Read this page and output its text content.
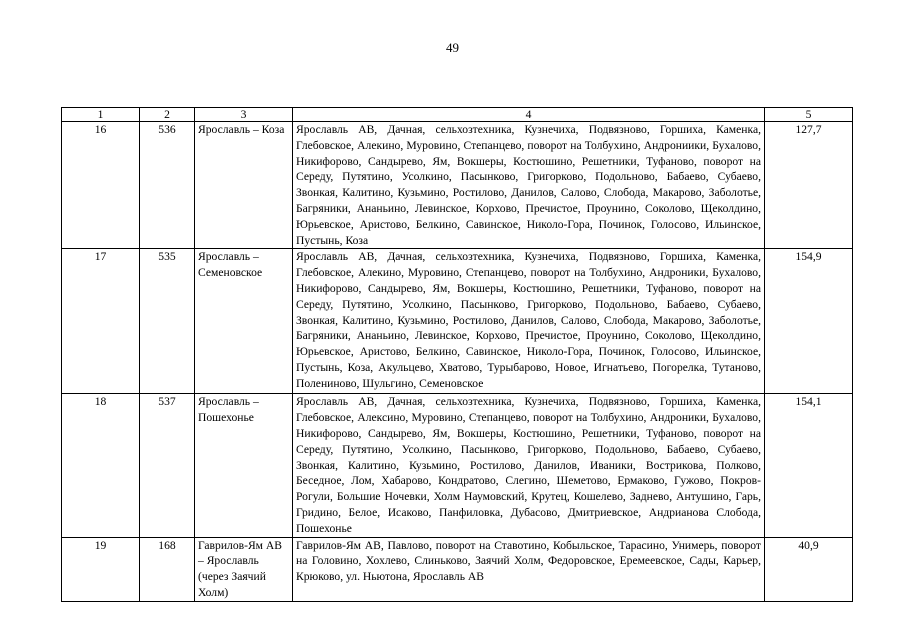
49
1	2	3	4	5
16	536	Ярославль – Коза	Ярославль АВ, Дачная, сельхозтехника, Кузнечиха, Подвязново, Горшиха, Каменка, Глебовское, Алекино, Муровино, Степанцево, поворот на Толбухино, Андрониики, Бухалово, Никифорово, Сандырево, Ям, Вокшеры, Костюшино, Решетники, Туфаново, поворот на Середу, Путятино, Усолкино, Пасынково, Григорково, Подольново, Бабаево, Субаево, Звонкая, Калитино, Кузьмино, Ростилово, Данилов, Салово, Слобода, Макарово, Заболотье, Багряники, Ананьино, Левинское, Корхово, Пречистое, Проунино, Соколово, Щеколдино, Юрьевское, Аристово, Белкино, Савинское, Николо-Гора, Починок, Голосово, Ильинское, Пустынь, Коза	127,7
17	535	Ярославль – Семеновское	Ярославль АВ, Дачная, сельхозтехника, Кузнечиха, Подвязново, Горшиха, Каменка, Глебовское, Алекино, Муровино, Степанцево, поворот на Толбухино, Андроники, Бухалово, Никифорово, Сандырево, Ям, Вокшеры, Костюшино, Решетники, Туфаново, поворот на Середу, Путятино, Усолкино, Пасынково, Григорково, Подольново, Бабаево, Субаево, Звонкая, Калитино, Кузьмино, Ростилово, Данилов, Салово, Слобода, Макарово, Заболотье, Багряники, Ананьино, Левинское, Корхово, Пречистое, Проунино, Соколово, Щеколдино, Юрьевское, Аристово, Белкино, Савинское, Николо-Гора, Починок, Голосово, Ильинское, Пустынь, Коза, Акульцево, Хватово, Турыбарово, Новое, Игнатьево, Погорелка, Тутаново, Полениново, Шульгино, Семеновское	154,9
18	537	Ярославль – Пошехонье	Ярославль АВ, Дачная, сельхозтехника, Кузнечиха, Подвязново, Горшиха, Каменка, Глебовское, Алексино, Муровино, Степанцево, поворот на Толбухино, Андроники, Бухалово, Никифорово, Сандырево, Ям, Вокшеры, Костюшино, Решетники, Туфаново, поворот на Середу, Путятино, Усолкино, Пасынково, Григорково, Подольново, Бабаево, Субаево, Звонкая, Калитино, Кузьмино, Ростилово, Данилов, Иваники, Вострикова, Полково, Беседное, Лом, Хабарово, Кондратово, Слегино, Шеметово, Ермаково, Гужово, Покров-Рогули, Большие Ночевки, Холм Наумовский, Крутец, Кошелево, Заднево, Антушино, Гарь, Гридино, Белое, Исаково, Панфиловка, Дубасово, Дмитриевское, Андрианова Слобода, Пошехонье	154,1
19	168	Гаврилов-Ям АВ – Ярославль (через Заячий Холм)	Гаврилов-Ям АВ, Павлово, поворот на Ставотино, Кобыльское, Тарасино, Унимерь, поворот на Головино, Хохлево, Слиньково, Заячий Холм, Федоровское, Еремеевское, Сады, Карьер, Крюково, ул. Ньютона, Ярославль АВ	40,9
